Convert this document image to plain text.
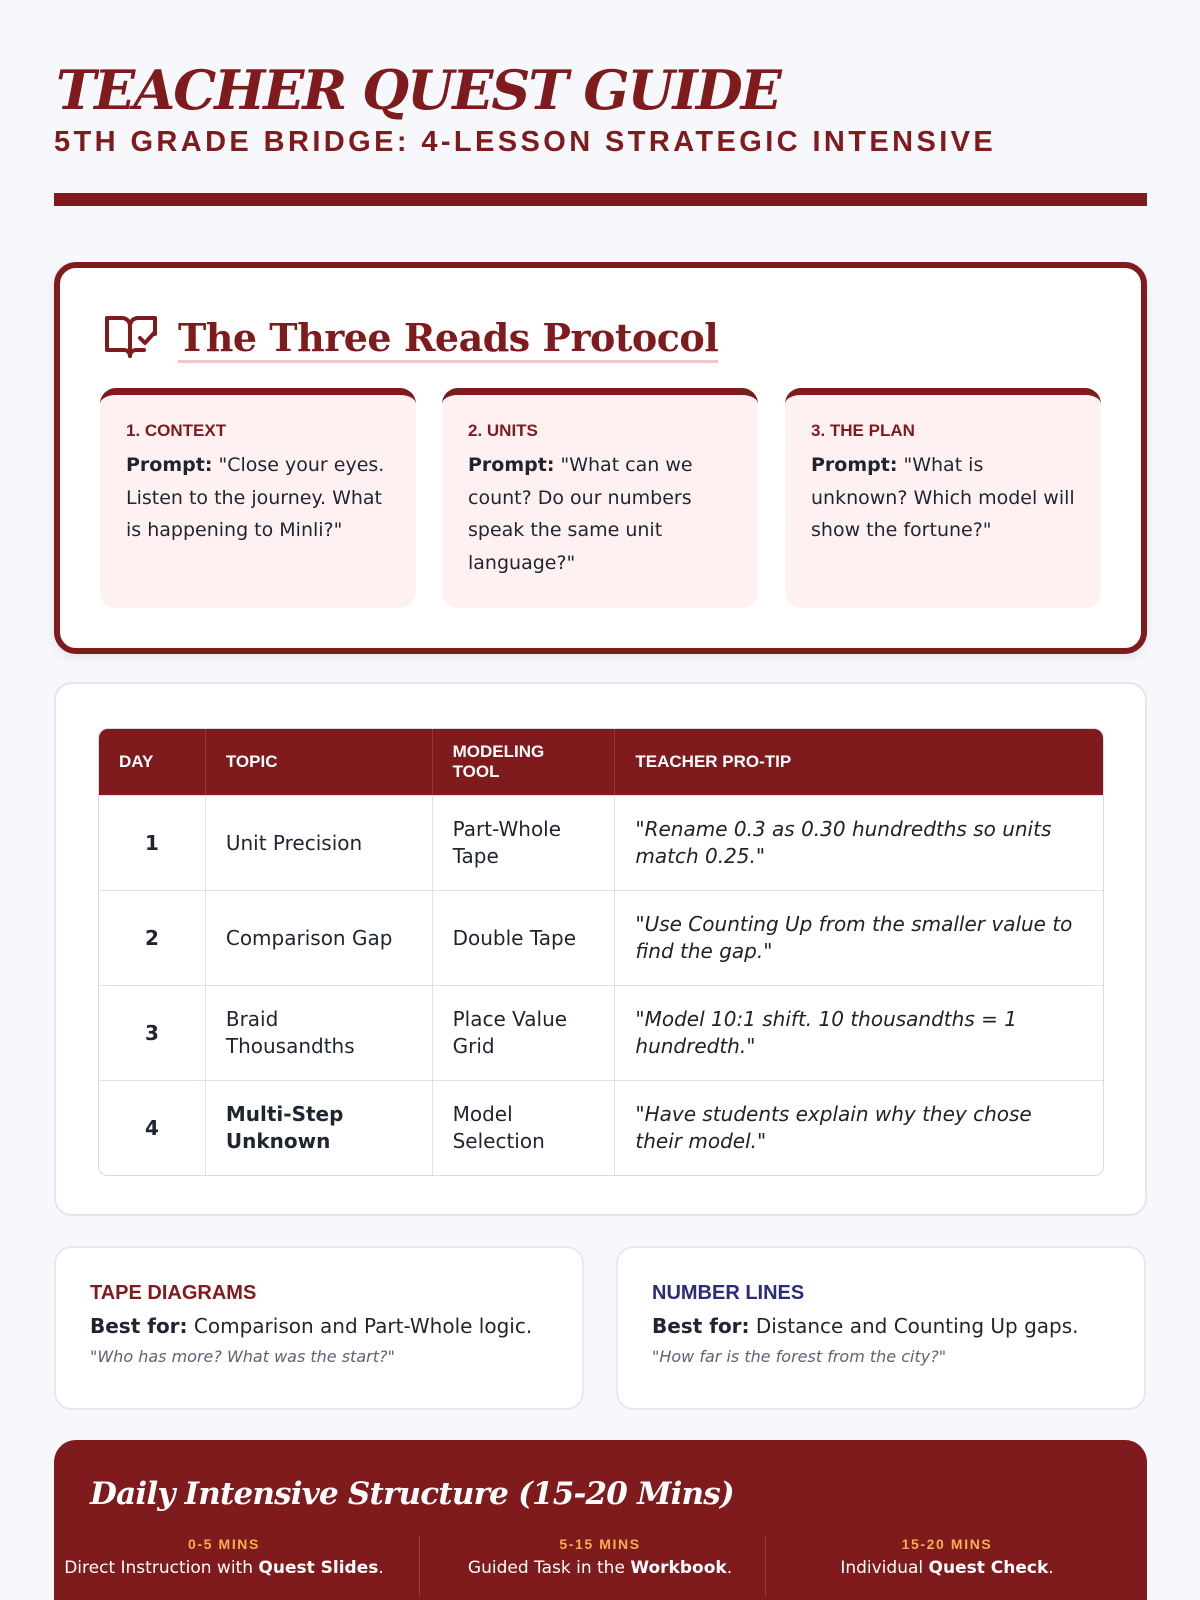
TEACHER QUEST GUIDE
5TH GRADE BRIDGE: 4-LESSON STRATEGIC INTENSIVE
The Three Reads Protocol
1. CONTEXT
Prompt: "Close your eyes. Listen to the journey. What is happening to Minli?"
2. UNITS
Prompt: "What can we count? Do our numbers speak the same unit language?"
3. THE PLAN
Prompt: "What is unknown? Which model will show the fortune?"
DAY	TOPIC	MODELING TOOL	TEACHER PRO-TIP
1	Unit Precision	Part-Whole Tape	"Rename 0.3 as 0.30 hundredths so units match 0.25."
2	Comparison Gap	Double Tape	"Use Counting Up from the smaller value to find the gap."
3	Braid Thousandths	Place Value Grid	"Model 10:1 shift. 10 thousandths = 1 hundredth."
4	Multi-Step Unknown	Model Selection	"Have students explain why they chose their model."
TAPE DIAGRAMS
Best for: Comparison and Part-Whole logic.
"Who has more? What was the start?"
NUMBER LINES
Best for: Distance and Counting Up gaps.
"How far is the forest from the city?"
Daily Intensive Structure (15-20 Mins)
0-5 MINS
Direct Instruction with Quest Slides.
5-15 MINS
Guided Task in the Workbook.
15-20 MINS
Individual Quest Check.
